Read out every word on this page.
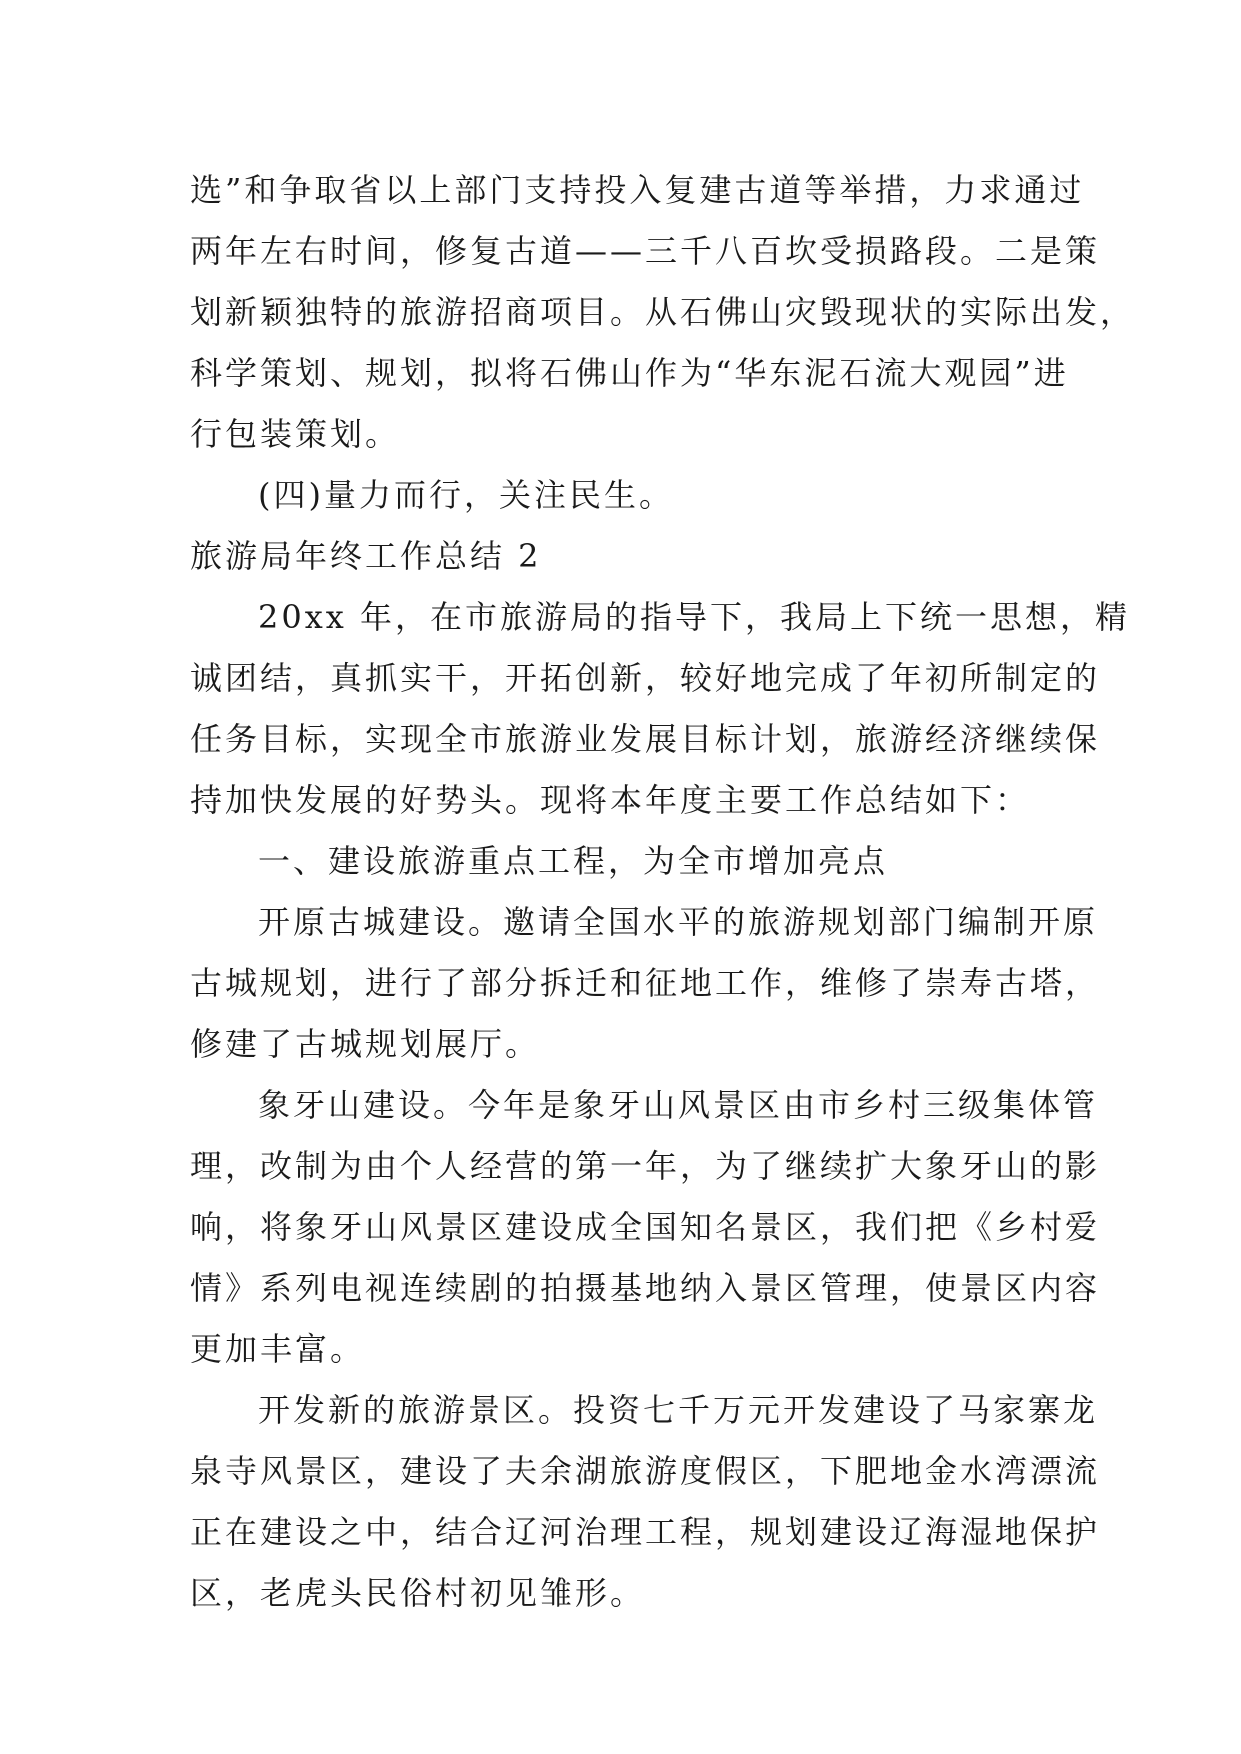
选”和争取省以上部门支持投入复建古道等举措，力求通过
两年左右时间，修复古道——三千八百坎受损路段。二是策
划新颖独特的旅游招商项目。从石佛山灾毁现状的实际出发，
科学策划、规划，拟将石佛山作为“华东泥石流大观园”进
行包装策划。
(四)量力而行，关注民生。
旅游局年终工作总结 2
20xx 年，在市旅游局的指导下，我局上下统一思想，精
诚团结，真抓实干，开拓创新，较好地完成了年初所制定的
任务目标，实现全市旅游业发展目标计划，旅游经济继续保
持加快发展的好势头。现将本年度主要工作总结如下：
一、建设旅游重点工程，为全市增加亮点
开原古城建设。邀请全国水平的旅游规划部门编制开原
古城规划，进行了部分拆迁和征地工作，维修了崇寿古塔，
修建了古城规划展厅。
象牙山建设。今年是象牙山风景区由市乡村三级集体管
理，改制为由个人经营的第一年，为了继续扩大象牙山的影
响，将象牙山风景区建设成全国知名景区，我们把《乡村爱
情》系列电视连续剧的拍摄基地纳入景区管理，使景区内容
更加丰富。
开发新的旅游景区。投资七千万元开发建设了马家寨龙
泉寺风景区，建设了夫余湖旅游度假区，下肥地金水湾漂流
正在建设之中，结合辽河治理工程，规划建设辽海湿地保护
区，老虎头民俗村初见雏形。
